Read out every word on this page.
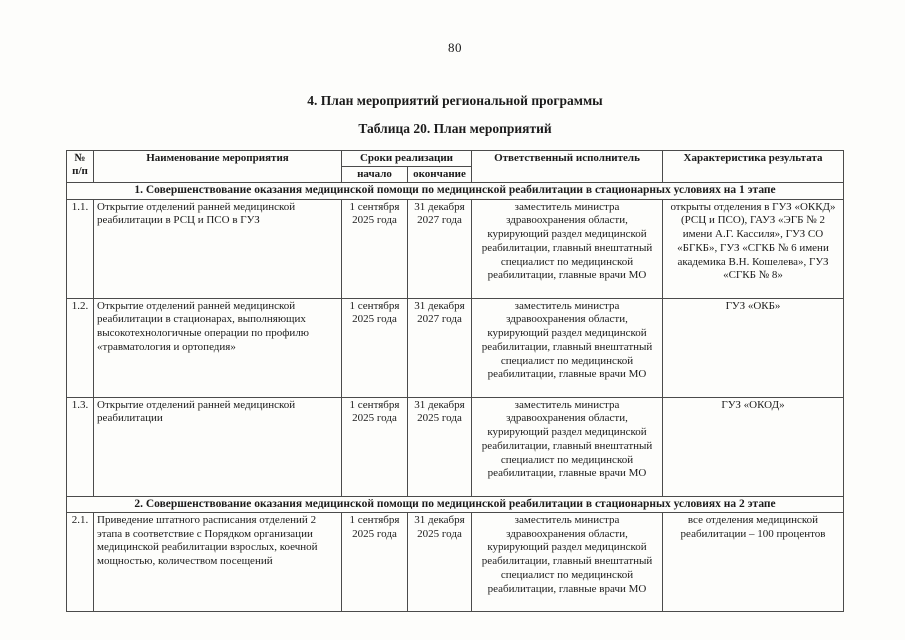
80
4. План мероприятий региональной программы
Таблица 20. План мероприятий
№ п/п	Наименование мероприятия	Сроки реализации		Ответственный исполнитель	Характеристика результата
		начало	окончание		
1. Совершенствование оказания медицинской помощи по медицинской реабилитации в стационарных условиях на 1 этапе					
1.1.	Открытие отделений ранней медицинской реабилитации в РСЦ и ПСО в ГУЗ	1 сентября 2025 года	31 декабря 2027 года	заместитель министра здравоохранения области, курирующий раздел медицинской реабилитации, главный внештатный специалист по медицинской реабилитации, главные врачи МО	открыты отделения в ГУЗ «ОККД» (РСЦ и ПСО), ГАУЗ «ЭГБ № 2 имени А.Г. Кассиля», ГУЗ СО «БГКБ», ГУЗ «СГКБ № 6 имени академика В.Н. Кошелева», ГУЗ «СГКБ № 8»
1.2.	Открытие отделений ранней медицинской реабилитации в стационарах, выполняющих высокотехнологичные операции по профилю «травматология и ортопедия»	1 сентября 2025 года	31 декабря 2027 года	заместитель министра здравоохранения области, курирующий раздел медицинской реабилитации, главный внештатный специалист по медицинской реабилитации, главные врачи МО	ГУЗ «ОКБ»
1.3.	Открытие отделений ранней медицинской реабилитации	1 сентября 2025 года	31 декабря 2025 года	заместитель министра здравоохранения области, курирующий раздел медицинской реабилитации, главный внештатный специалист по медицинской реабилитации, главные врачи МО	ГУЗ «ОКОД»
2. Совершенствование оказания медицинской помощи по медицинской реабилитации в стационарных условиях на 2 этапе					
2.1.	Приведение штатного расписания отделений 2 этапа в соответствие с Порядком организации медицинской реабилитации взрослых, коечной мощностью, количеством посещений	1 сентября 2025 года	31 декабря 2025 года	заместитель министра здравоохранения области, курирующий раздел медицинской реабилитации, главный внештатный специалист по медицинской реабилитации, главные врачи МО	все отделения медицинской реабилитации – 100 процентов
